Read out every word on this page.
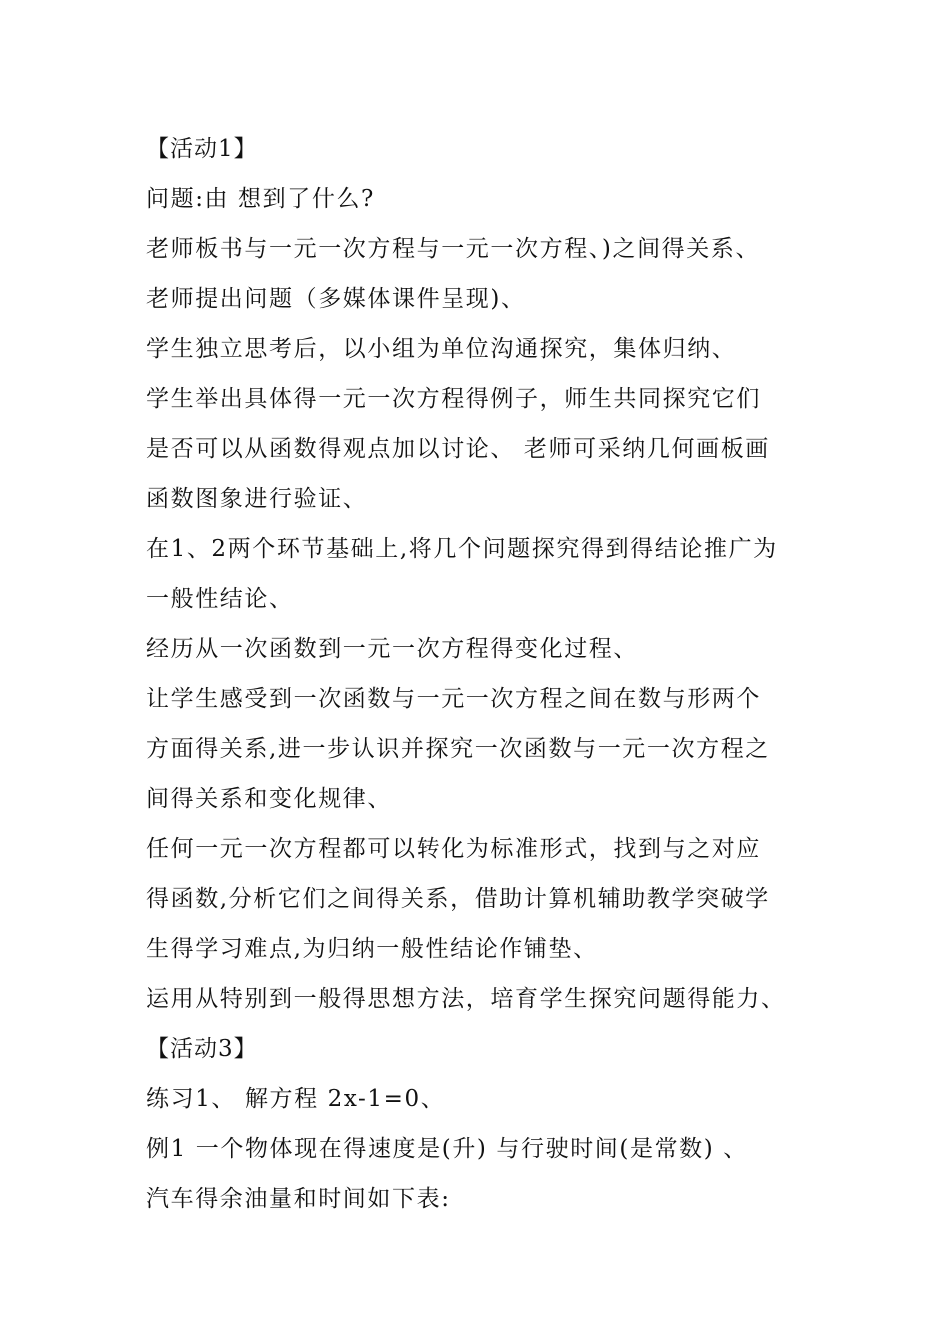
【活动1】
问题:由 想到了什么?
老师板书与一元一次方程与一元一次方程、)之间得关系、
老师提出问题（多媒体课件呈现)、
学生独立思考后，以小组为单位沟通探究，集体归纳、
学生举出具体得一元一次方程得例子，师生共同探究它们
是否可以从函数得观点加以讨论、 老师可采纳几何画板画
函数图象进行验证、
在1、2两个环节基础上,将几个问题探究得到得结论推广为
一般性结论、
经历从一次函数到一元一次方程得变化过程、
让学生感受到一次函数与一元一次方程之间在数与形两个
方面得关系,进一步认识并探究一次函数与一元一次方程之
间得关系和变化规律、
任何一元一次方程都可以转化为标准形式，找到与之对应
得函数,分析它们之间得关系，借助计算机辅助教学突破学
生得学习难点,为归纳一般性结论作铺垫、
运用从特别到一般得思想方法，培育学生探究问题得能力、
【活动3】
练习1、 解方程 2x-1=0、
例1 一个物体现在得速度是(升) 与行驶时间(是常数) 、
汽车得余油量和时间如下表:
